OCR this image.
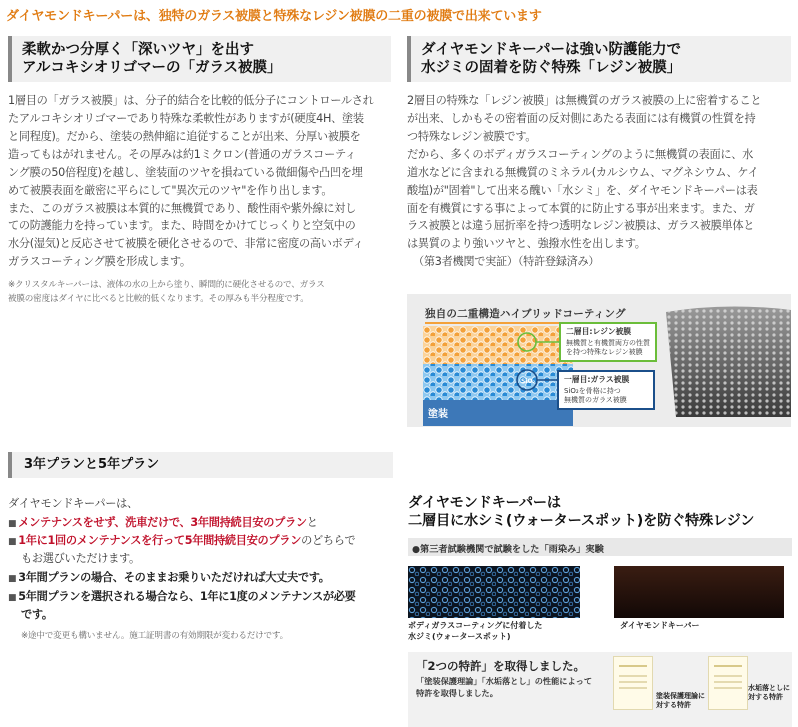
ダイヤモンドキーパーは、独特のガラス被膜と特殊なレジン被膜の二重の被膜で出来ています
柔軟かつ分厚く「深いツヤ」を出す
アルコキシオリゴマーの「ガラス被膜」
1層目の「ガラス被膜」は、分子的結合を比較的低分子にコントロールされ
たアルコキシオリゴマーであり特殊な柔軟性がありますが(硬度4H、塗装
と同程度)。だから、塗装の熱伸縮に追従することが出来、分厚い被膜を
造ってもはがれません。その厚みは約1ミクロン(普通のガラスコーティ
ング膜の50倍程度)を越し、塗装面のツヤを損ねている微細傷や凸凹を埋
めて被膜表面を厳密に平らにして"異次元のツヤ"を作り出します。
また、このガラス被膜は本質的に無機質であり、酸性雨や紫外線に対し
ての防護能力を持っています。また、時間をかけてじっくりと空気中の
水分(湿気)と反応させて被膜を硬化させるので、非常に密度の高いボディ
ガラスコーティング膜を形成します。
※クリスタルキーパーは、液体の水の上から塗り、瞬間的に硬化させるので、ガラス
被膜の密度はダイヤに比べると比較的低くなります。その厚みも半分程度です。
ダイヤモンドキーパーは強い防護能力で
水ジミの固着を防ぐ特殊「レジン被膜」
2層目の特殊な「レジン被膜」は無機質のガラス被膜の上に密着すること
が出来、しかもその密着面の反対側にあたる表面には有機質の性質を持
つ特殊なレジン被膜です。
だから、多くのボディガラスコーティングのように無機質の表面に、水
道水などに含まれる無機質のミネラル(カルシウム、マグネシウム、ケイ
酸塩)が"固着"して出来る醜い「水シミ」を、ダイヤモンドキーパーは表
面を有機質にする事によって本質的に防止する事が出来ます。また、ガ
ラス被膜とは違う屈折率を持つ透明なレジン被膜は、ガラス被膜単体と
は異質のより強いツヤと、強撥水性を出します。
（第3者機関で実証）（特許登録済み）
独自の二重構造ハイブリッドコーティング
SiO₂
塗装
二層目:レジン被膜
無機質と有機質両方の性質
を持つ特殊なレジン被膜
一層目:ガラス被膜
SiO₂を骨格に持つ
無機質のガラス被膜
3年プランと5年プラン
ダイヤモンドキーパーは、
■ メンテナンスをせず、洗車だけで、3年間持続目安のプランと
■ 1年に1回のメンテナンスを行って5年間持続目安のプランのどちらで
もお選びいただけます。
■ 3年間プランの場合、そのままお乗りいただければ大丈夫です。
■ 5年間プランを選択される場合なら、1年に1度のメンテナンスが必要
です。
※途中で変更も構いません。施工証明書の有効期限が変わるだけです。
ダイヤモンドキーパーは
二層目に水シミ(ウォータースポット)を防ぐ特殊レジン
●第三者試験機関で試験をした「雨染み」実験
ボディガラスコーティングに付着した
水ジミ(ウォータースポット)
ダイヤモンドキーパー
「2つの特許」を取得しました。
「塗装保護理論」「水垢落とし」の性能によって
特許を取得しました。	塗装保護理論に
対する特許
水垢落としに
対する特許
